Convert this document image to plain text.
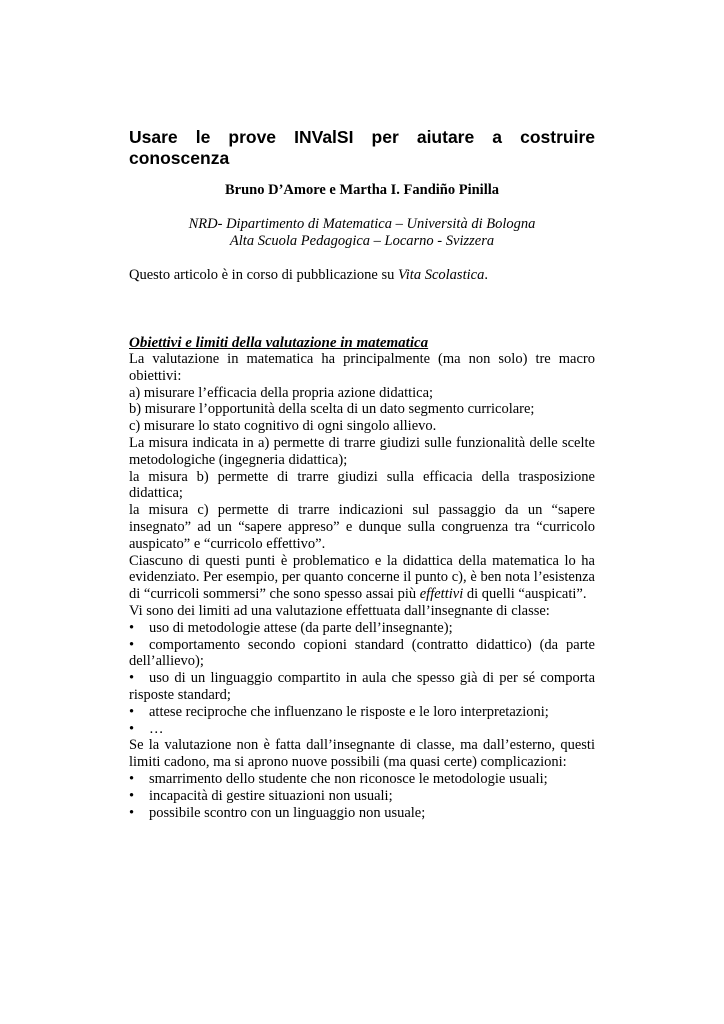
Usare le prove INValSI per aiutare a costruire conoscenza
Bruno D’Amore e Martha I. Fandiño Pinilla
NRD- Dipartimento di Matematica – Università di Bologna
Alta Scuola Pedagogica – Locarno - Svizzera
Questo articolo è in corso di pubblicazione su Vita Scolastica.
Obiettivi e limiti della valutazione in matematica
La valutazione in matematica ha principalmente (ma non solo) tre macro obiettivi:
a) misurare l’efficacia della propria azione didattica;
b) misurare l’opportunità della scelta di un dato segmento curricolare;
c) misurare lo stato cognitivo di ogni singolo allievo.
La misura indicata in a) permette di trarre giudizi sulle funzionalità delle scelte metodologiche (ingegneria didattica);
la misura b) permette di trarre giudizi sulla efficacia della trasposizione didattica;
la misura c) permette di trarre indicazioni sul passaggio da un “sapere insegnato” ad un “sapere appreso” e dunque sulla congruenza tra “curricolo auspicato” e “curricolo effettivo”.
Ciascuno di questi punti è problematico e la didattica della matematica lo ha evidenziato. Per esempio, per quanto concerne il punto c), è ben nota l’esistenza di “curricoli sommersi” che sono spesso assai più effettivi di quelli “auspicati”.
Vi sono dei limiti ad una valutazione effettuata dall’insegnante di classe:
• uso di metodologie attese (da parte dell’insegnante);
• comportamento secondo copioni standard (contratto didattico) (da parte dell’allievo);
• uso di un linguaggio compartito in aula che spesso già di per sé comporta risposte standard;
• attese reciproche che influenzano le risposte e le loro interpretazioni;
• …
Se la valutazione non è fatta dall’insegnante di classe, ma dall’esterno, questi limiti cadono, ma si aprono nuove possibili (ma quasi certe) complicazioni:
• smarrimento dello studente che non riconosce le metodologie usuali;
• incapacità di gestire situazioni non usuali;
• possibile scontro con un linguaggio non usuale;
